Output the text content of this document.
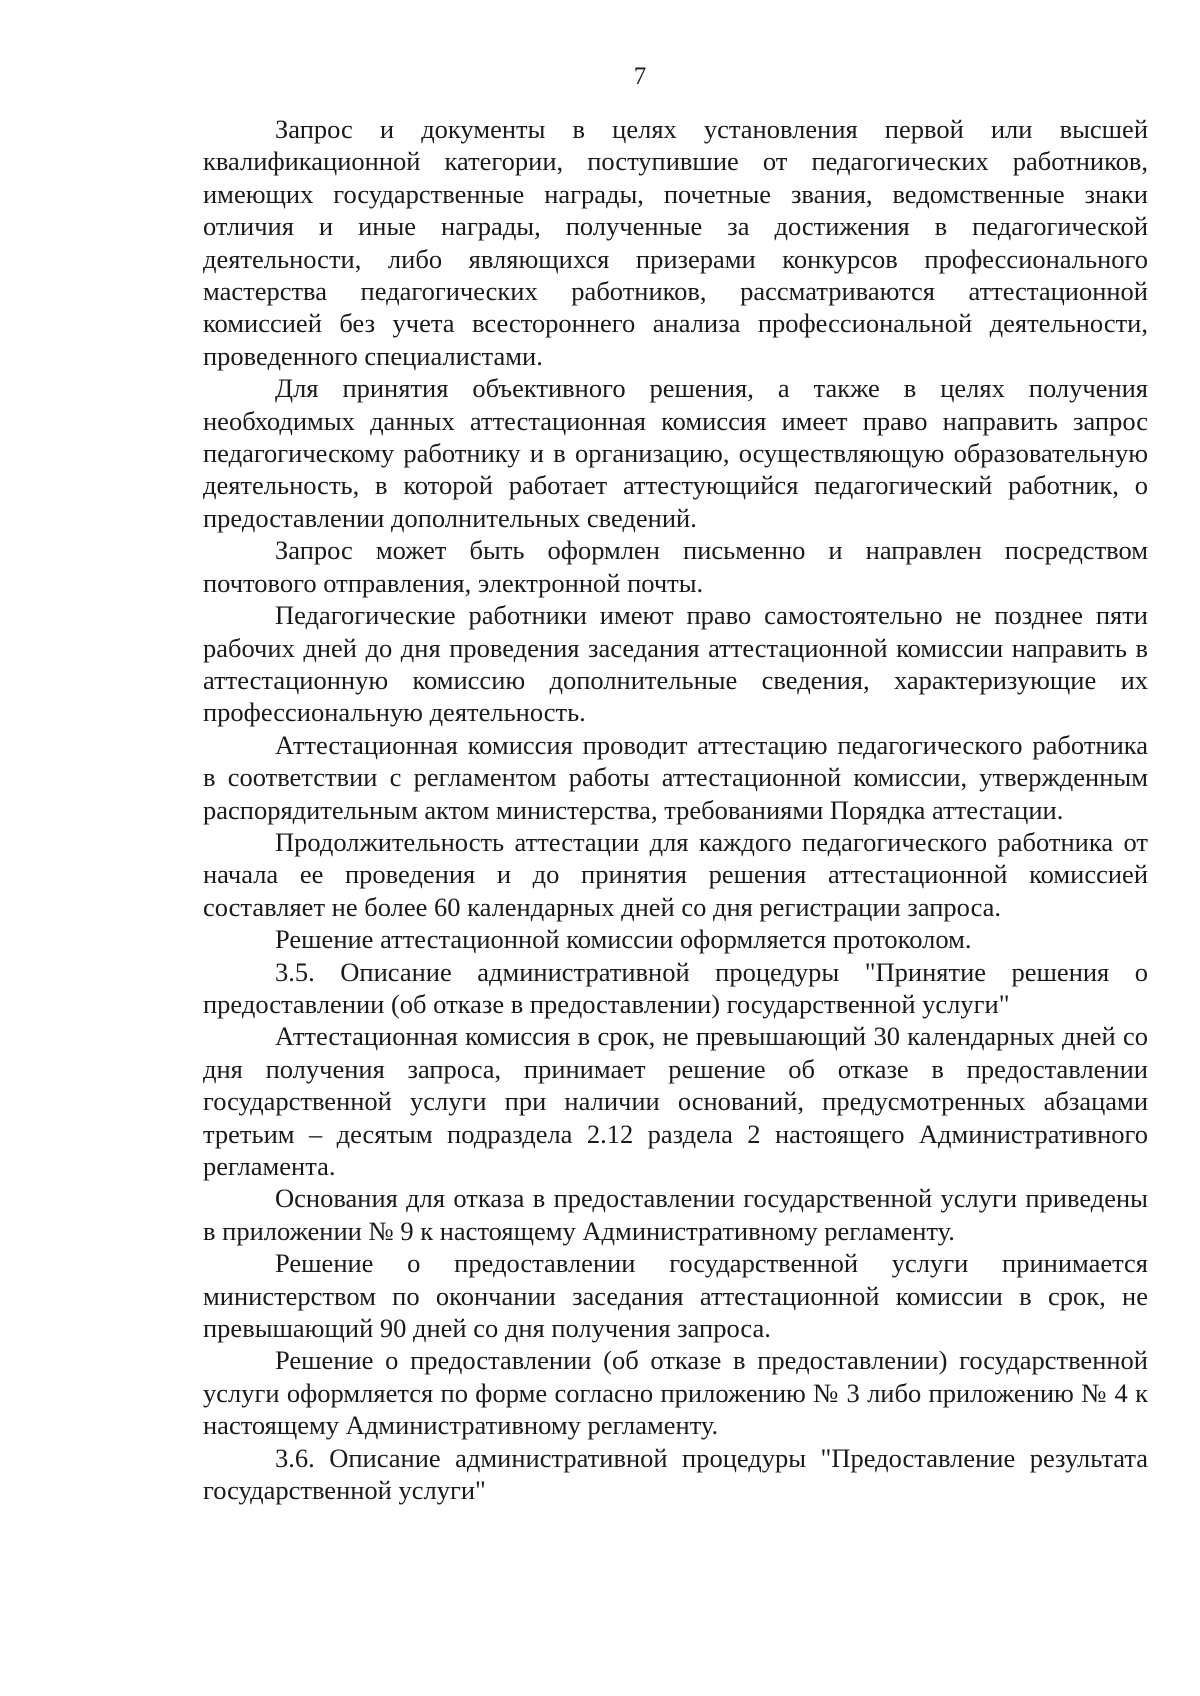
7

Запрос и документы в целях установления первой или высшей квалификационной категории, поступившие от педагогических работников, имеющих государственные награды, почетные звания, ведомственные знаки отличия и иные награды, полученные за достижения в педагогической деятельности, либо являющихся призерами конкурсов профессионального мастерства педагогических работников, рассматриваются аттестационной комиссией без учета всестороннего анализа профессиональной деятельности, проведенного специалистами.

Для принятия объективного решения, а также в целях получения необходимых данных аттестационная комиссия имеет право направить запрос педагогическому работнику и в организацию, осуществляющую образовательную деятельность, в которой работает аттестующийся педагогический работник, о предоставлении дополнительных сведений.

Запрос может быть оформлен письменно и направлен посредством почтового отправления, электронной почты.

Педагогические работники имеют право самостоятельно не позднее пяти рабочих дней до дня проведения заседания аттестационной комиссии направить в аттестационную комиссию дополнительные сведения, характеризующие их профессиональную деятельность.

Аттестационная комиссия проводит аттестацию педагогического работника в соответствии с регламентом работы аттестационной комиссии, утвержденным распорядительным актом министерства, требованиями Порядка аттестации.

Продолжительность аттестации для каждого педагогического работника от начала ее проведения и до принятия решения аттестационной комиссией составляет не более 60 календарных дней со дня регистрации запроса.

Решение аттестационной комиссии оформляется протоколом.

3.5. Описание административной процедуры "Принятие решения о предоставлении (об отказе в предоставлении) государственной услуги"

Аттестационная комиссия в срок, не превышающий 30 календарных дней со дня получения запроса, принимает решение об отказе в предоставлении государственной услуги при наличии оснований, предусмотренных абзацами третьим – десятым подраздела 2.12 раздела 2 настоящего Административного регламента.

Основания для отказа в предоставлении государственной услуги приведены в приложении № 9 к настоящему Административному регламенту.

Решение о предоставлении государственной услуги принимается министерством по окончании заседания аттестационной комиссии в срок, не превышающий 90 дней со дня получения запроса.

Решение о предоставлении (об отказе в предоставлении) государственной услуги оформляется по форме согласно приложению № 3 либо приложению № 4 к настоящему Административному регламенту.

3.6. Описание административной процедуры "Предоставление результата государственной услуги"
